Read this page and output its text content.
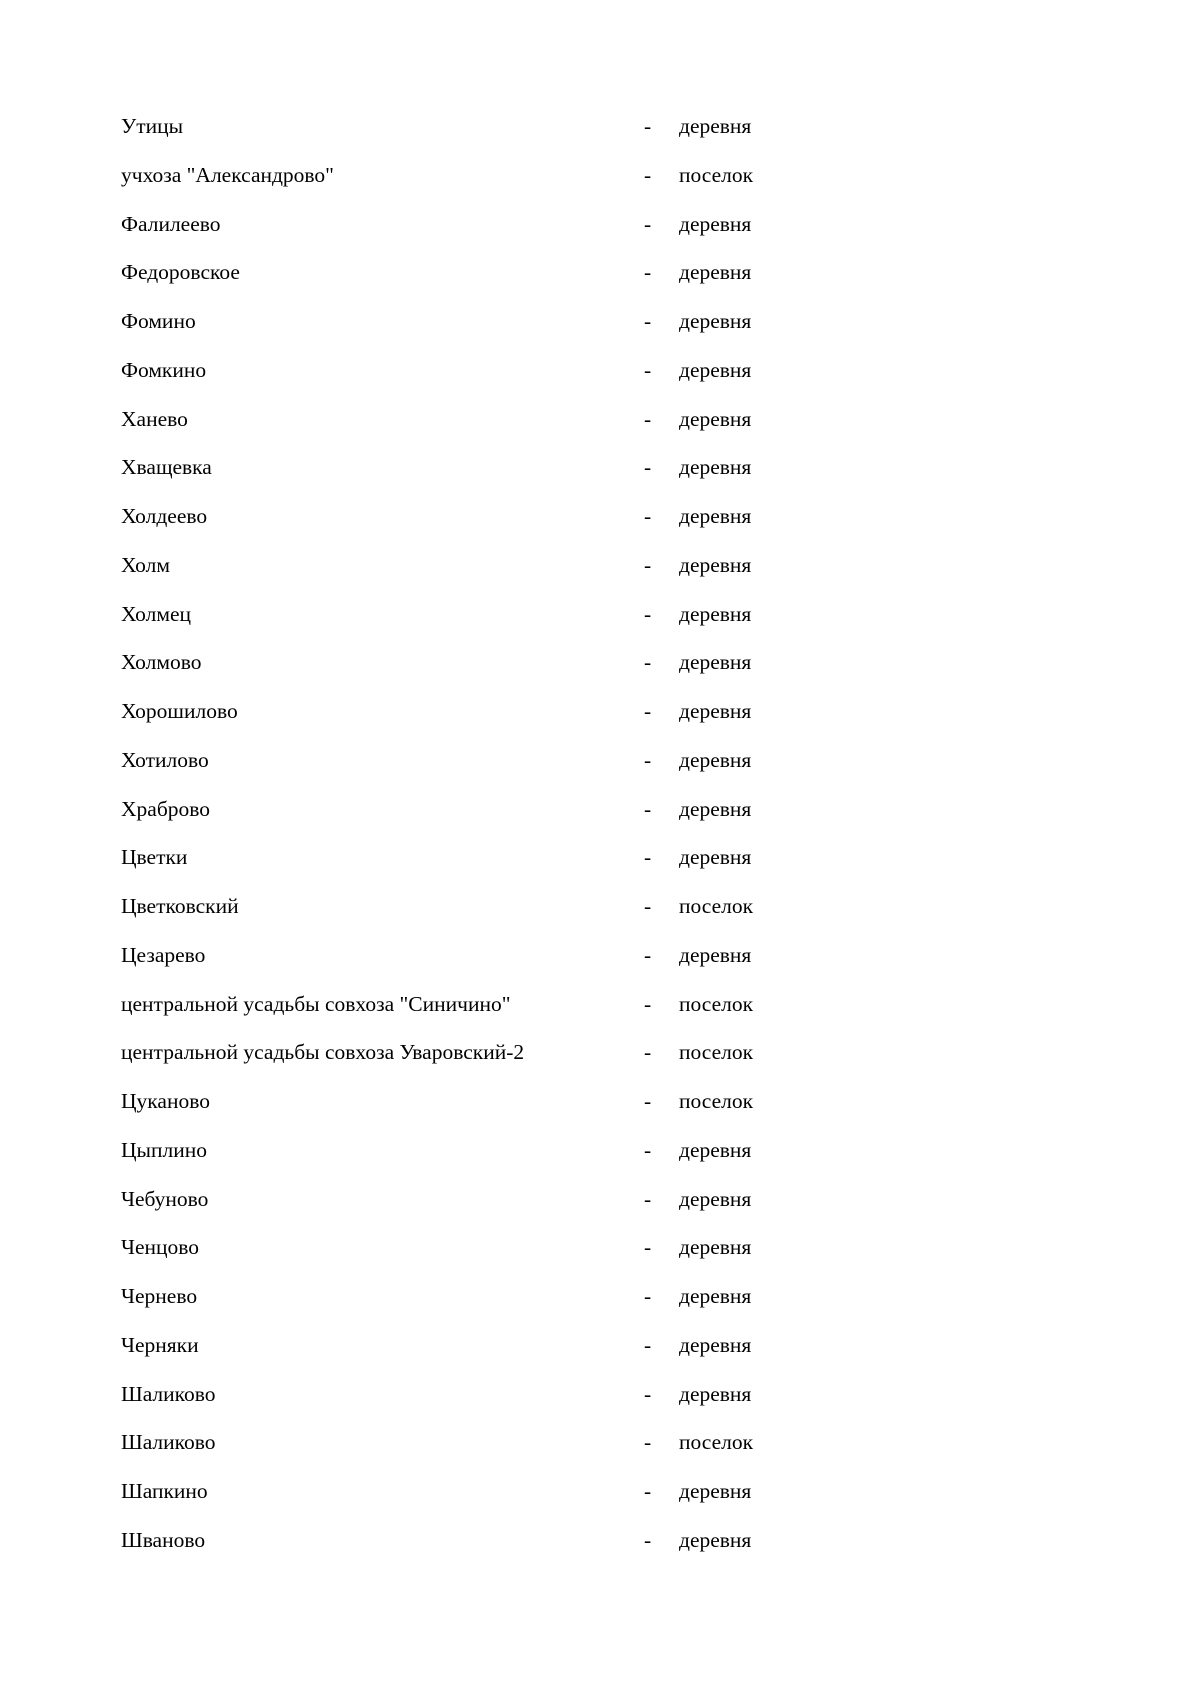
Утицы	- деревня
учхоза "Александрово"	- поселок
Фалилеево	- деревня
Федоровское	- деревня
Фомино	- деревня
Фомкино	- деревня
Ханево	- деревня
Хващевка	- деревня
Холдеево	- деревня
Холм	- деревня
Холмец	- деревня
Холмово	- деревня
Хорошилово	- деревня
Хотилово	- деревня
Храброво	- деревня
Цветки	- деревня
Цветковский	- поселок
Цезарево	- деревня
центральной усадьбы совхоза "Синичино"	- поселок
центральной усадьбы совхоза Уваровский-2	- поселок
Цуканово	- поселок
Цыплино	- деревня
Чебуново	- деревня
Ченцово	- деревня
Чернево	- деревня
Черняки	- деревня
Шаликово	- деревня
Шаликово	- поселок
Шапкино	- деревня
Шваново	- деревня
